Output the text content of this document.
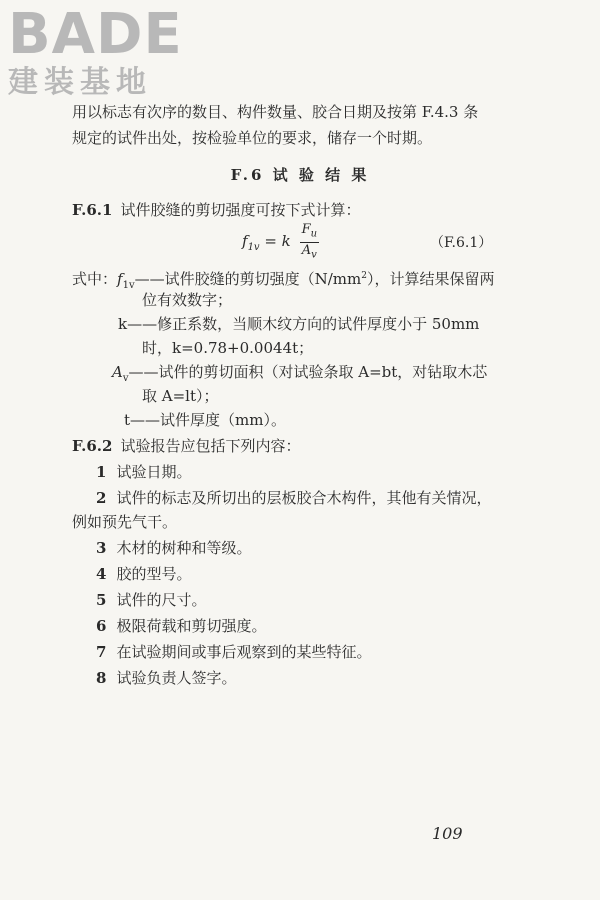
BADE
建装基地
用以标志有次序的数目、构件数量、胶合日期及按第 F.4.3 条
规定的试件出处，按检验单位的要求，储存一个时期。
F.6 试 验 结 果
F.6.1 试件胶缝的剪切强度可按下式计算：
$f_{1v} = k \frac{F_u}{A_v}$	（F.6.1）
式中：$f_{1v}——$试件胶缝的剪切强度$(N/mm^2)$，计算结果保留两
位有效数字；
k——修正系数，当顺木纹方向的试件厚度小于 50mm
时，k=0.78+0.0044t；
$A_v——$试件的剪切面积（对试验条取 A=bt，对钻取木芯
取 A=lt）；
t——试件厚度（mm）。
F.6.2 试验报告应包括下列内容：
1 试验日期。
2 试件的标志及所切出的层板胶合木构件，其他有关情况，
例如预先气干。
3 木材的树种和等级。
4 胶的型号。
5 试件的尺寸。
6 极限荷载和剪切强度。
7 在试验期间或事后观察到的某些特征。
8 试验负责人签字。
109
